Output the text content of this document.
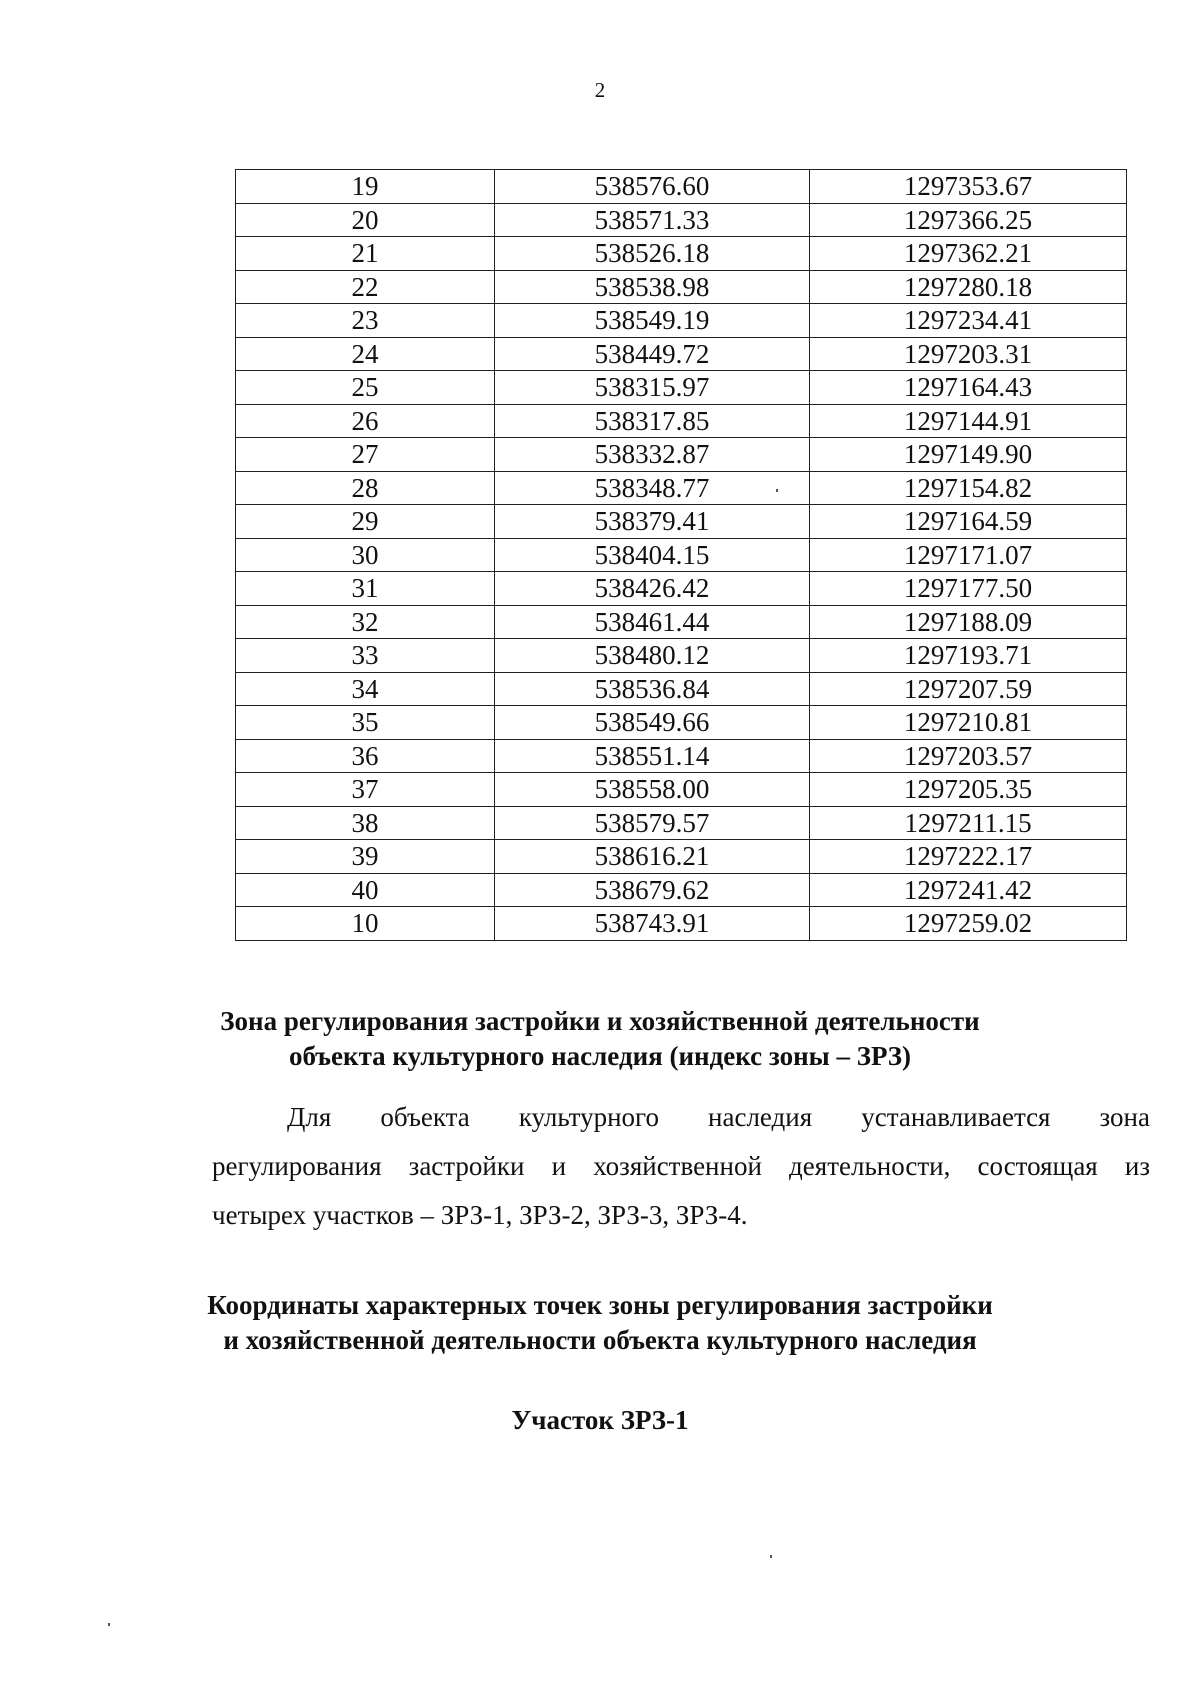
2
19	538576.60	1297353.67
20	538571.33	1297366.25
21	538526.18	1297362.21
22	538538.98	1297280.18
23	538549.19	1297234.41
24	538449.72	1297203.31
25	538315.97	1297164.43
26	538317.85	1297144.91
27	538332.87	1297149.90
28	538348.77	1297154.82
29	538379.41	1297164.59
30	538404.15	1297171.07
31	538426.42	1297177.50
32	538461.44	1297188.09
33	538480.12	1297193.71
34	538536.84	1297207.59
35	538549.66	1297210.81
36	538551.14	1297203.57
37	538558.00	1297205.35
38	538579.57	1297211.15
39	538616.21	1297222.17
40	538679.62	1297241.42
10	538743.91	1297259.02
Зона регулирования застройки и хозяйственной деятельности
объекта культурного наследия (индекс зоны – ЗРЗ)
Для объекта культурного наследия устанавливается зона
регулирования застройки и хозяйственной деятельности, состоящая из
четырех участков – ЗРЗ-1, ЗРЗ-2, ЗРЗ-3, ЗРЗ-4.
Координаты характерных точек зоны регулирования застройки
и хозяйственной деятельности объекта культурного наследия
Участок ЗРЗ-1
